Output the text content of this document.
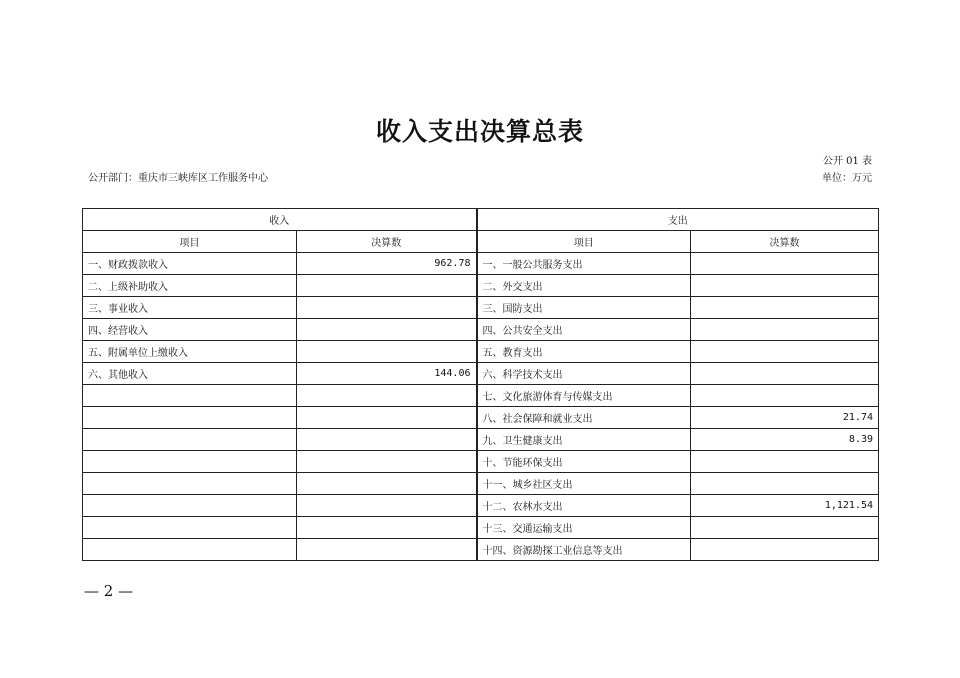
收入支出决算总表
公开 01 表
公开部门：重庆市三峡库区工作服务中心	单位：万元
收入		支出	
项目	决算数	项目	决算数
一、财政拨款收入	962.78	一、一般公共服务支出	
二、上级补助收入		二、外交支出	
三、事业收入		三、国防支出	
四、经营收入		四、公共安全支出	
五、附属单位上缴收入		五、教育支出	
六、其他收入	144.06	六、科学技术支出	
		七、文化旅游体育与传媒支出	
		八、社会保障和就业支出	21.74
		九、卫生健康支出	8.39
		十、节能环保支出	
		十一、城乡社区支出	
		十二、农林水支出	1,121.54
		十三、交通运输支出	
		十四、资源勘探工业信息等支出	
— 2 —
